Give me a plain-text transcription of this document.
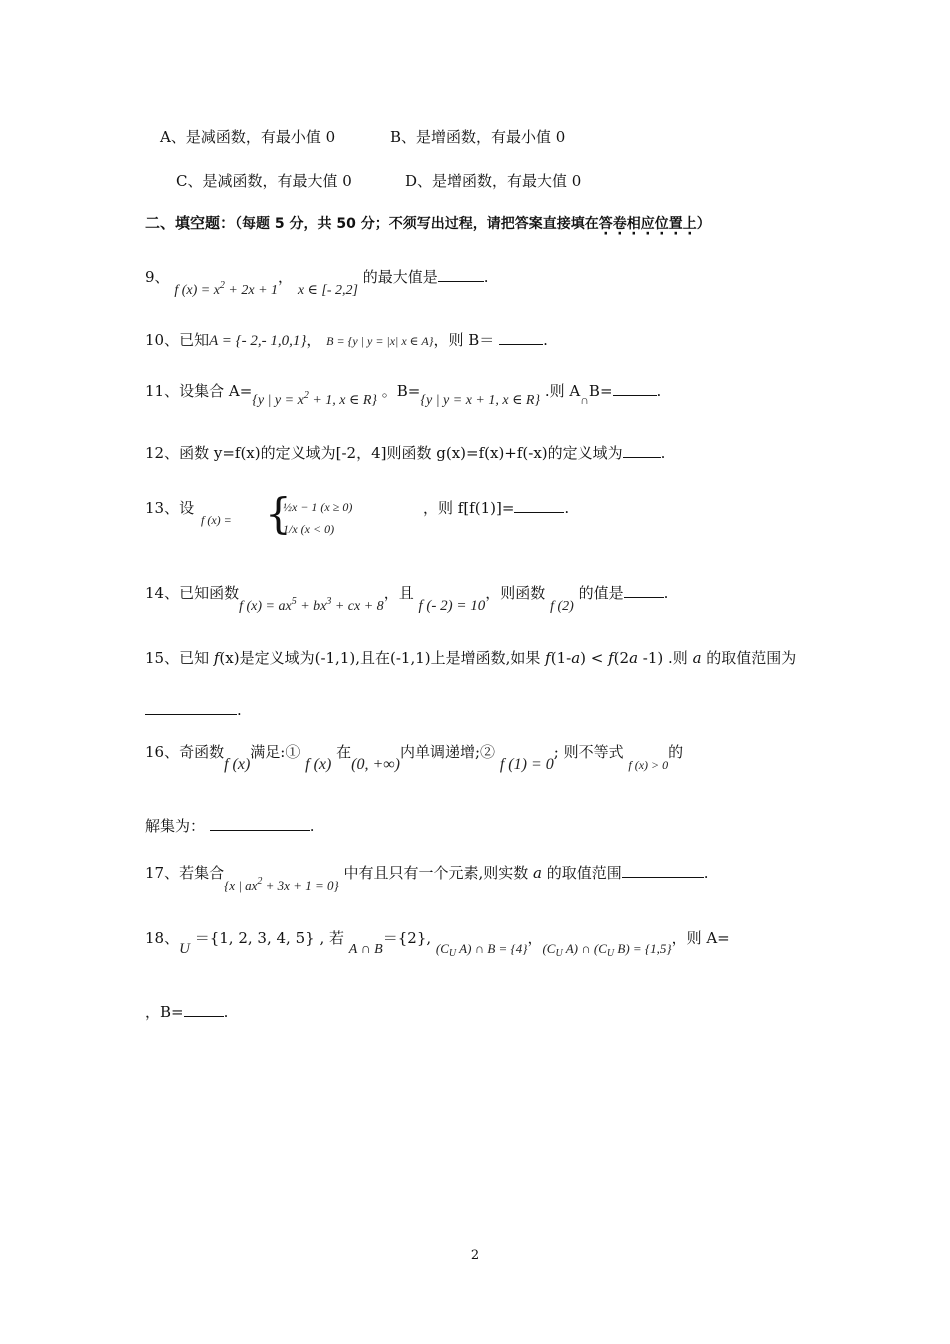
A、是减函数，有最小值 0	B、是增函数，有最小值 0
C、是减函数，有最大值 0	D、是增函数，有最大值 0
二、填空题：（每题 5 分，共 50 分；不须写出过程，请把答案直接填在答卷相应位置上）
9、 f $(x) = x^2 + 2x + 1$， x ∈ [- 2,2] 的最大值是	.
10、已知A = {- 2,- 1,0,1}， B = {y | y = |x| x ∈ A}，则 B＝	.
11、设集合 A={y | $y = x^2 + 1$, x ∈ R} 。B={y | y = x + 1, x ∈ R} .则 $A_\cap B=$	.
12、函数 y=f(x)的定义域为[-2，4]则函数 g(x)=f(x)+f(-x)的定义域为	.
13、设
f (x) = {
½x − 1 (x ≥ 0)
1/x (x < 0)
，则 f[f(1)]=	.
14、已知函数f $(x) = ax^5 + bx^3$ + cx + 8，且 f (- 2) = 10，则函数 f (2) 的值是	.
15、已知 f(x)是定义域为(-1,1),且在(-1,1)上是增函数,如果 f(1-a) < f(2a -1) .则 a 的取值范围为
.
16、奇函数f (x)满足:① f (x) 在(0, +∞)内单调递增;② f (1) = 0; 则不等式 $_{f (x) > 0}$的
解集为：	.
17、若集合{x | $ax^2 + 3x + 1 = 0$} 中有且只有一个元素,则实数 a 的取值范围	.
18、U ＝{1, 2, 3, 4, 5} , 若 A ∩ B＝{2}, ($C_U$ A) ∩ B = {4}，($C_U$ A) ∩ ($C_U$ B) = {1,5}，则 A=
，B=	.
2
